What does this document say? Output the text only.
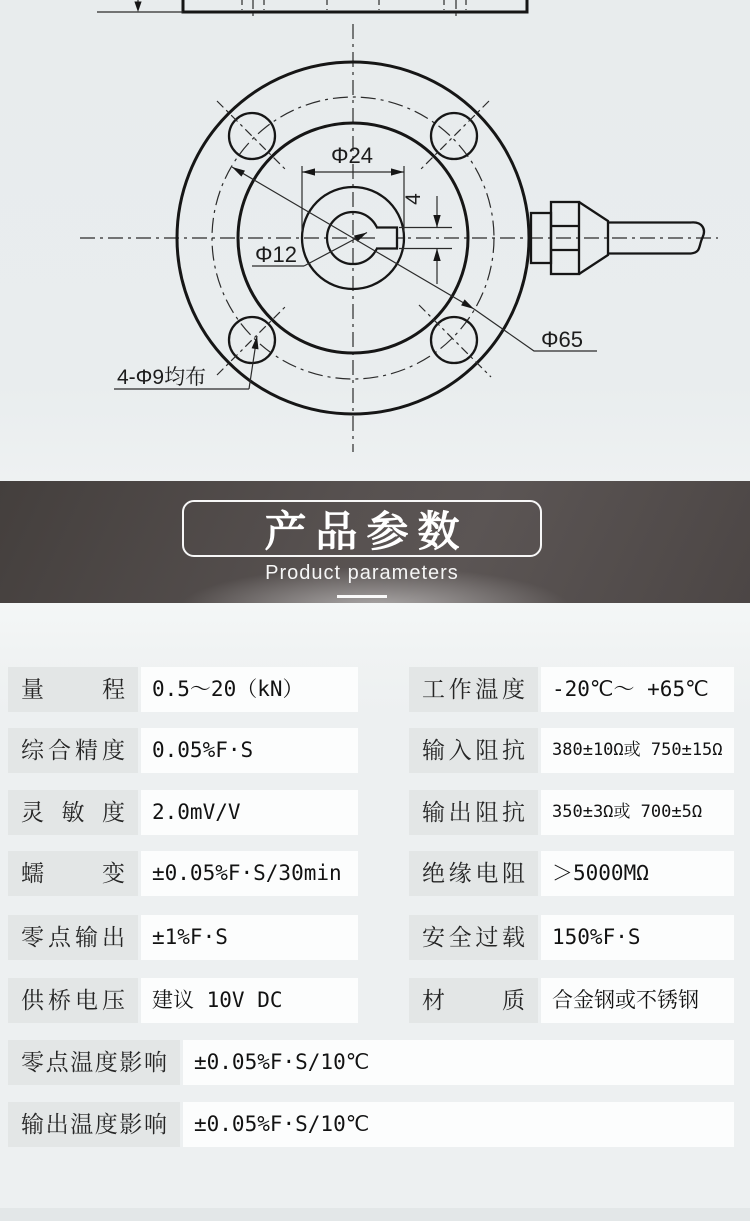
Φ24
4
Φ12
Φ65
4-Φ9均布
产品参数
Product parameters
量程	0.5～20（kN）	工作温度	-20℃～ +65℃
综合精度	0.05%F·S	输入阻抗	380±10Ω或 750±15Ω
灵敏度	2.0mV/V	输出阻抗	350±3Ω或 700±5Ω
蠕变	±0.05%F·S/30min	绝缘电阻	＞5000MΩ
零点输出	±1%F·S	安全过载	150%F·S
供桥电压	建议 10V DC	材质	合金钢或不锈钢
零点温度影响	±0.05%F·S/10℃
输出温度影响	±0.05%F·S/10℃
